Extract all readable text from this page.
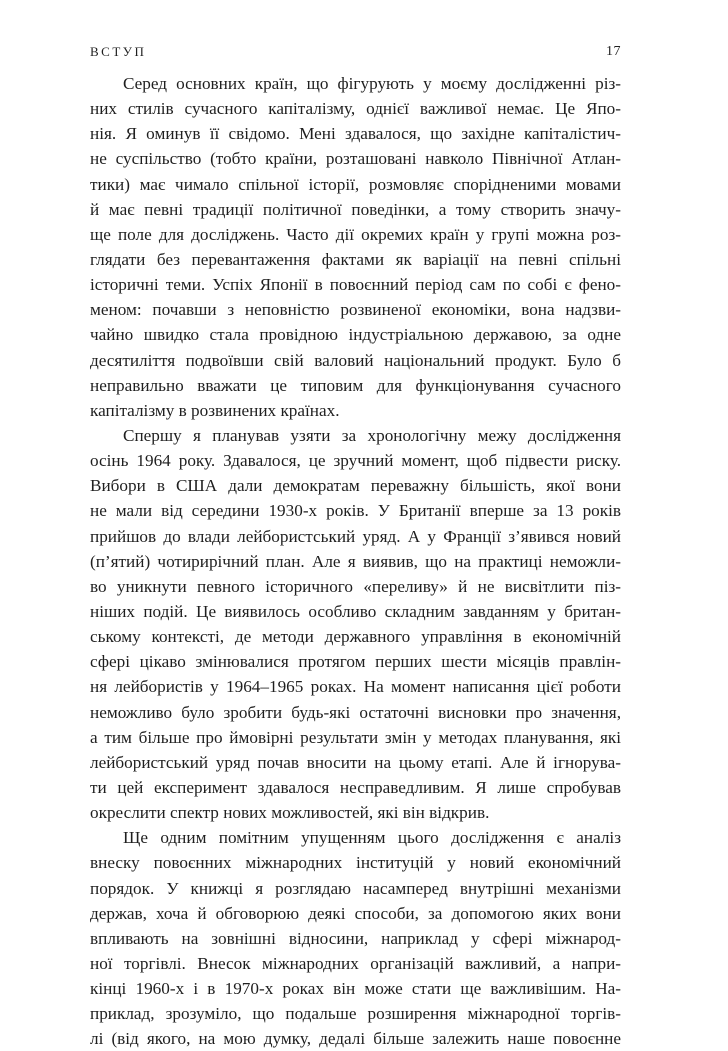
ВСТУП	17
Серед основних країн, що фігурують у моєму дослідженні різ-
них стилів сучасного капіталізму, однієї важливої немає. Це Япо-
нія. Я оминув її свідомо. Мені здавалося, що західне капіталістич-
не суспільство (тобто країни, розташовані навколо Північної Атлан-
тики) має чимало спільної історії, розмовляє спорідненими мовами
й має певні традиції політичної поведінки, а тому створить значу-
ще поле для досліджень. Часто дії окремих країн у групі можна роз-
глядати без перевантаження фактами як варіації на певні спільні
історичні теми. Успіх Японії в повоєнний період сам по собі є фено-
меном: почавши з неповністю розвиненої економіки, вона надзви-
чайно швидко стала провідною індустріальною державою, за одне
десятиліття подвоївши свій валовий національний продукт. Було б
неправильно вважати це типовим для функціонування сучасного
капіталізму в розвинених країнах.
Спершу я планував узяти за хронологічну межу дослідження
осінь 1964 року. Здавалося, це зручний момент, щоб підвести риску.
Вибори в США дали демократам переважну більшість, якої вони
не мали від середини 1930-х років. У Британії вперше за 13 років
прийшов до влади лейбористський уряд. А у Франції з’явився новий
(п’ятий) чотирирічний план. Але я виявив, що на практиці неможли-
во уникнути певного історичного «переливу» й не висвітлити піз-
ніших подій. Це виявилось особливо складним завданням у британ-
ському контексті, де методи державного управління в економічній
сфері цікаво змінювалися протягом перших шести місяців правлін-
ня лейбористів у 1964–1965 роках. На момент написання цієї роботи
неможливо було зробити будь-які остаточні висновки про значення,
а тим більше про ймовірні результати змін у методах планування, які
лейбористський уряд почав вносити на цьому етапі. Але й ігнорува-
ти цей експеримент здавалося несправедливим. Я лише спробував
окреслити спектр нових можливостей, які він відкрив.
Ще одним помітним упущенням цього дослідження є аналіз
внеску повоєнних міжнародних інституцій у новий економічний
порядок. У книжці я розглядаю насамперед внутрішні механізми
держав, хоча й обговорюю деякі способи, за допомогою яких вони
впливають на зовнішні відносини, наприклад у сфері міжнарод-
ної торгівлі. Внесок міжнародних організацій важливий, а напри-
кінці 1960-х і в 1970-х роках він може стати ще важливішим. На-
приклад, зрозуміло, що подальше розширення міжнародної торгів-
лі (від якого, на мою думку, дедалі більше залежить наше повоєнне
